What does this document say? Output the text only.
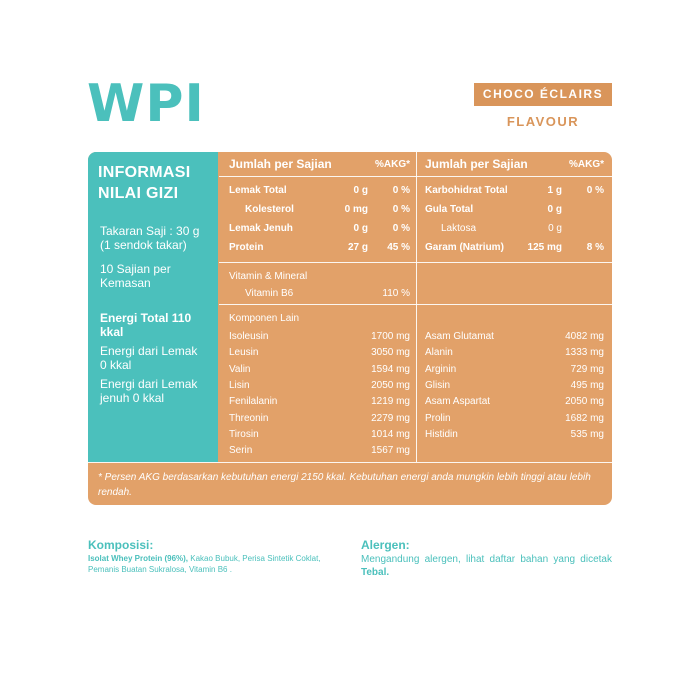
WPI	CHOCO ÉCLAIRS
FLAVOUR
INFORMASI
NILAI GIZI
Takaran Saji : 30 g
(1 sendok takar)
10 Sajian per
Kemasan
Energi Total 110
kkal
Energi dari Lemak
0 kkal
Energi dari Lemak
jenuh 0 kkal
Jumlah per Sajian	%AKG* Jumlah per Sajian	%AKG*
Lemak Total	0 g	0 %
Kolesterol	0 mg	0 %
Lemak Jenuh	0 g	0 %
Protein	27 g	45 %
Karbohidrat Total	1 g	0 %
Gula Total	0 g
Laktosa	0 g
Garam (Natrium)	125 mg	8 %
Vitamin & Mineral
Vitamin B6	110 %
Komponen Lain
* Persen AKG berdasarkan kebutuhan energi 2150 kkal. Kebutuhan energi anda mungkin lebih tinggi atau lebih rendah.
Isoleusin	1700 mg
Leusin	3050 mg
Valin	1594 mg
Lisin	2050 mg
Fenilalanin	1219 mg
Threonin	2279 mg
Tirosin	1014 mg
Serin	1567 mg
Asam Glutamat	4082 mg
Alanin	1333 mg
Arginin	729 mg
Glisin	495 mg
Asam Aspartat	2050 mg
Prolin	1682 mg
Histidin	535 mg
Komposisi:
Isolat Whey Protein (96%), Kakao Bubuk, Perisa Sintetik Coklat, Pemanis Buatan Sukralosa, Vitamin B6 .
Alergen:
Mengandung alergen, lihat daftar bahan yang dicetak Tebal.
